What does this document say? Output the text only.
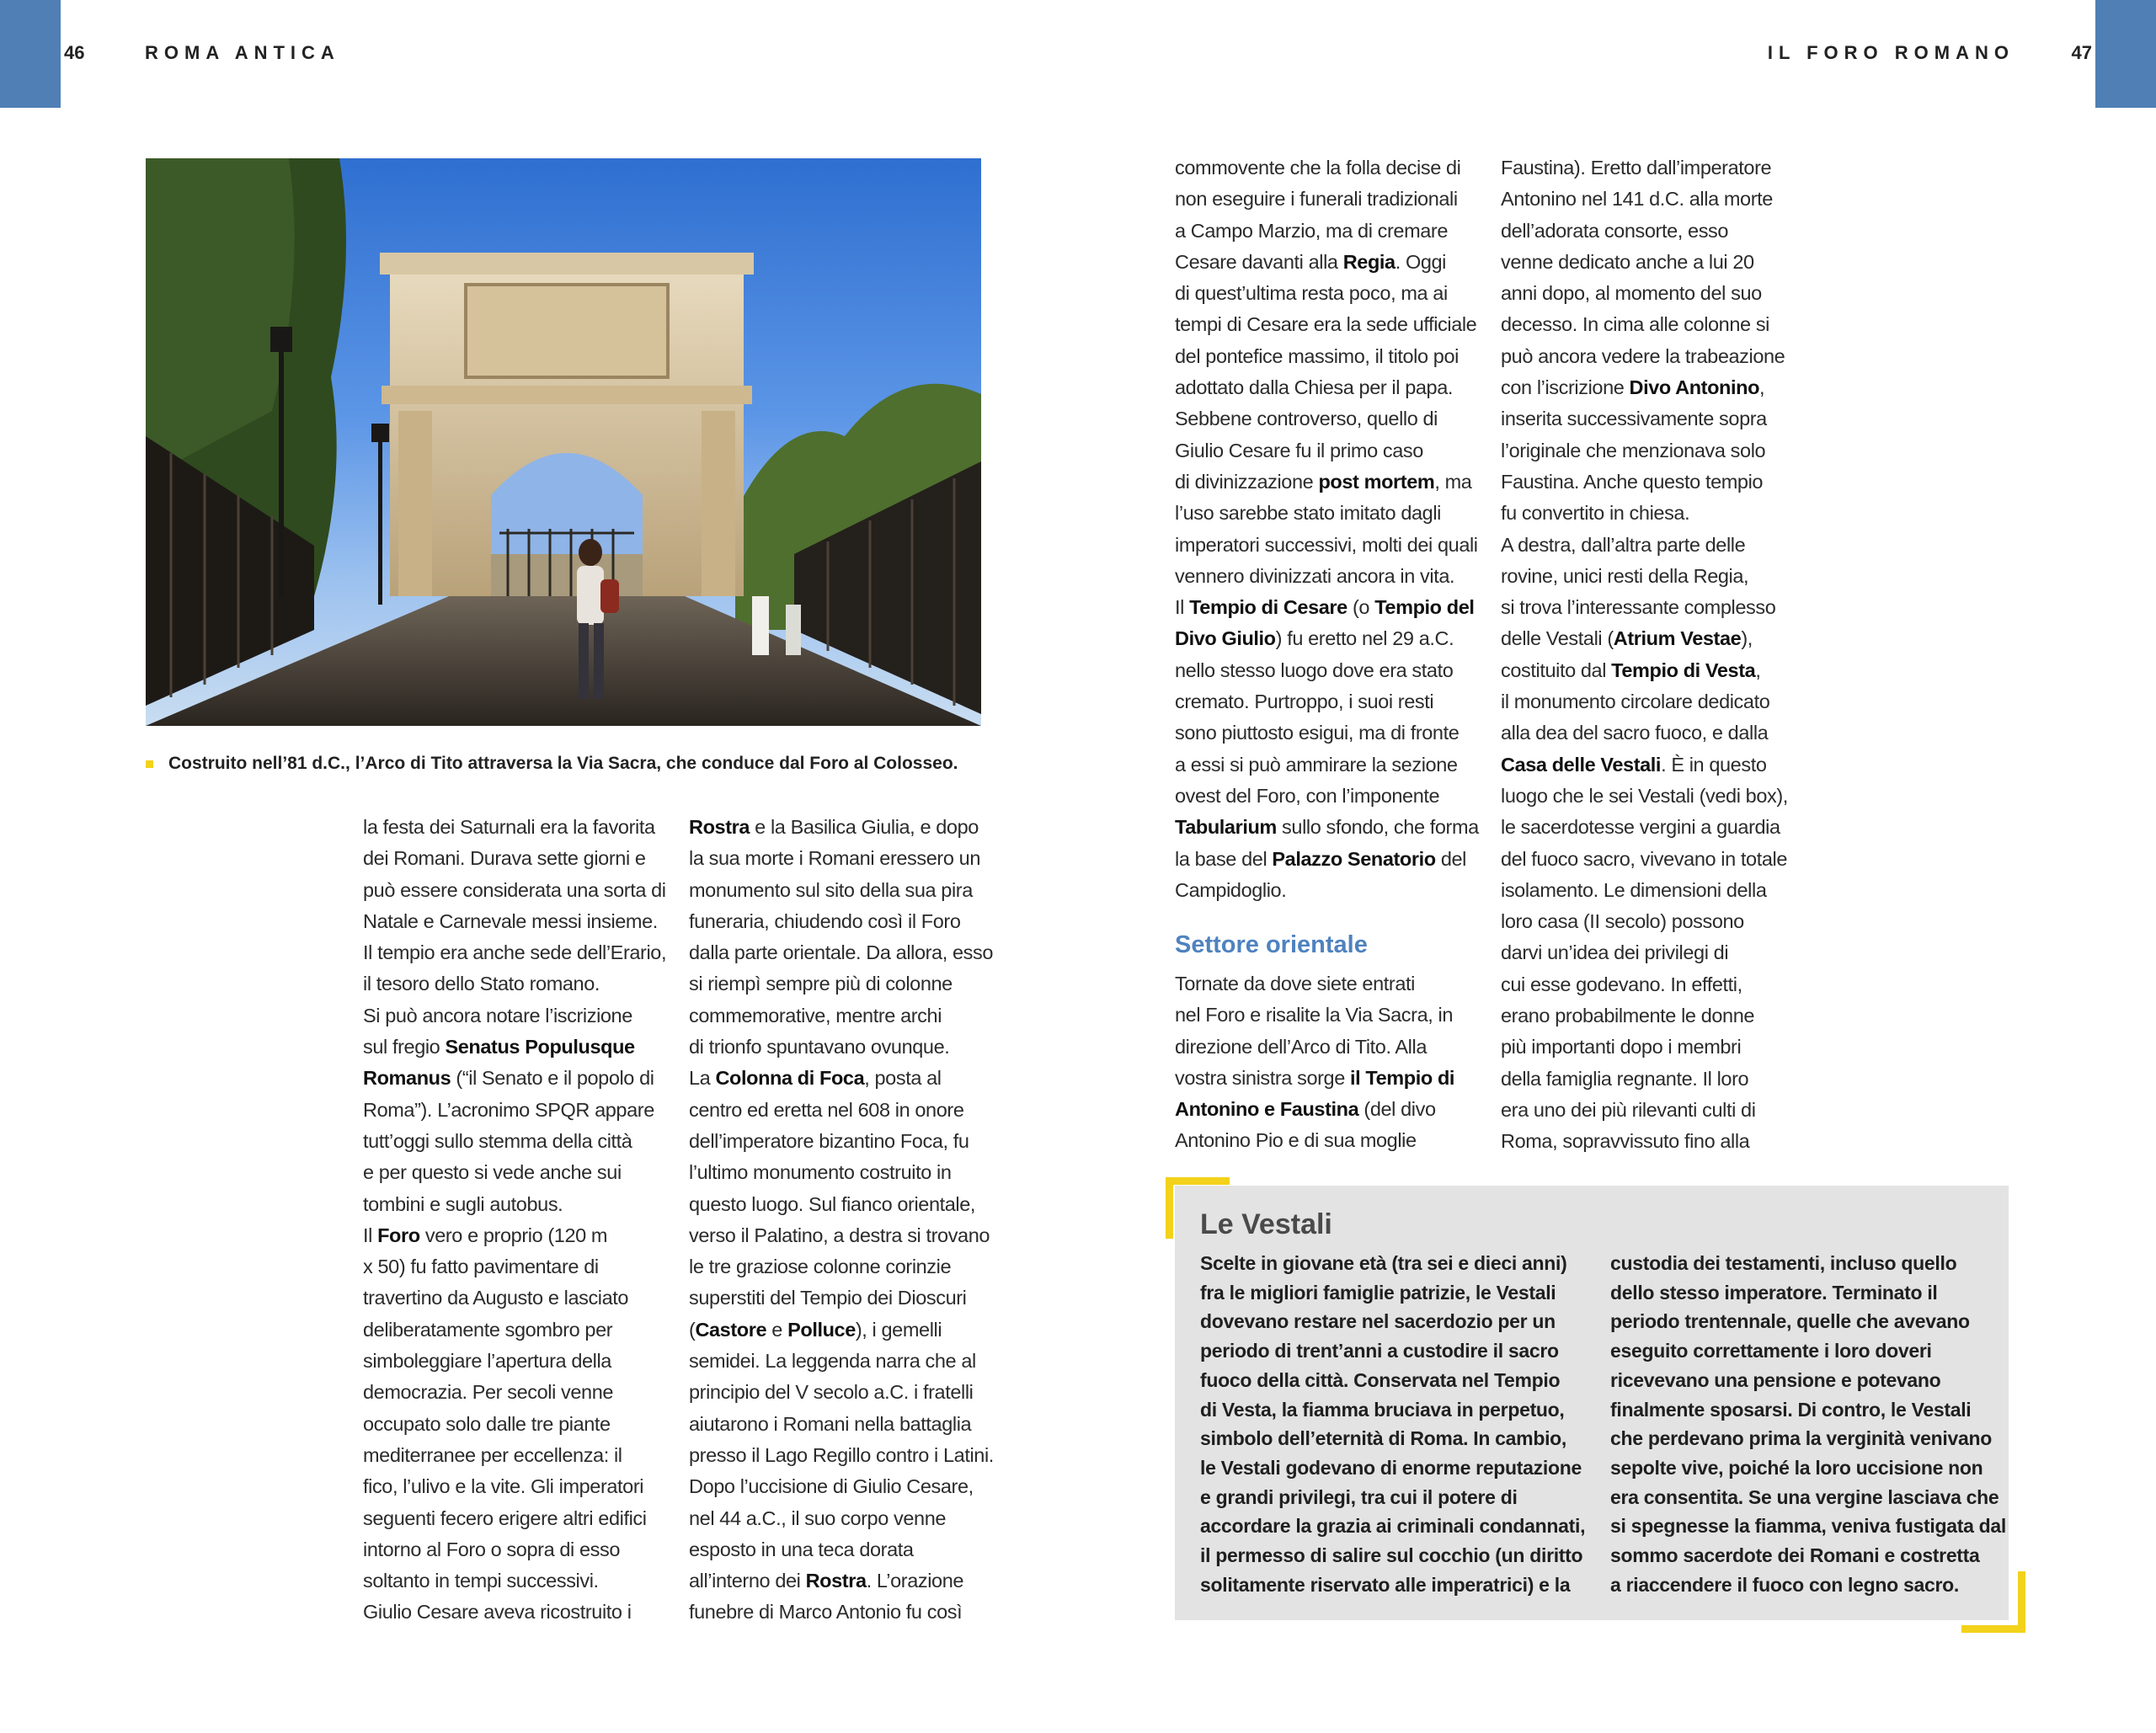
46	ROMA ANTICA	IL FORO ROMANO	47
Costruito nell’81 d.C., l’Arco di Tito attraversa la Via Sacra, che conduce dal Foro al Colosseo.
la festa dei Saturnali era la favorita
dei Romani. Durava sette giorni e
può essere considerata una sorta di
Natale e Carnevale messi insieme.
Il tempio era anche sede dell’Erario,
il tesoro dello Stato romano.
Si può ancora notare l’iscrizione
sul fregio Senatus Populusque
Romanus (“il Senato e il popolo di
Roma”). L’acronimo SPQR appare
tutt’oggi sullo stemma della città
e per questo si vede anche sui
tombini e sugli autobus.
Il Foro vero e proprio (120 m
x 50) fu fatto pavimentare di
travertino da Augusto e lasciato
deliberatamente sgombro per
simboleggiare l’apertura della
democrazia. Per secoli venne
occupato solo dalle tre piante
mediterranee per eccellenza: il
fico, l’ulivo e la vite. Gli imperatori
seguenti fecero erigere altri edifici
intorno al Foro o sopra di esso
soltanto in tempi successivi.
Giulio Cesare aveva ricostruito i
Rostra e la Basilica Giulia, e dopo
la sua morte i Romani eressero un
monumento sul sito della sua pira
funeraria, chiudendo così il Foro
dalla parte orientale. Da allora, esso
si riempì sempre più di colonne
commemorative, mentre archi
di trionfo spuntavano ovunque.
La Colonna di Foca, posta al
centro ed eretta nel 608 in onore
dell’imperatore bizantino Foca, fu
l’ultimo monumento costruito in
questo luogo. Sul fianco orientale,
verso il Palatino, a destra si trovano
le tre graziose colonne corinzie
superstiti del Tempio dei Dioscuri
(Castore e Polluce), i gemelli
semidei. La leggenda narra che al
principio del V secolo a.C. i fratelli
aiutarono i Romani nella battaglia
presso il Lago Regillo contro i Latini.
Dopo l’uccisione di Giulio Cesare,
nel 44 a.C., il suo corpo venne
esposto in una teca dorata
all’interno dei Rostra. L’orazione
funebre di Marco Antonio fu così
commovente che la folla decise di
non eseguire i funerali tradizionali
a Campo Marzio, ma di cremare
Cesare davanti alla Regia. Oggi
di quest’ultima resta poco, ma ai
tempi di Cesare era la sede ufficiale
del pontefice massimo, il titolo poi
adottato dalla Chiesa per il papa.
Sebbene controverso, quello di
Giulio Cesare fu il primo caso
di divinizzazione post mortem, ma
l’uso sarebbe stato imitato dagli
imperatori successivi, molti dei quali
vennero divinizzati ancora in vita.
Il Tempio di Cesare (o Tempio del
Divo Giulio) fu eretto nel 29 a.C.
nello stesso luogo dove era stato
cremato. Purtroppo, i suoi resti
sono piuttosto esigui, ma di fronte
a essi si può ammirare la sezione
ovest del Foro, con l’imponente
Tabularium sullo sfondo, che forma
la base del Palazzo Senatorio del
Campidoglio.
Settore orientale
Tornate da dove siete entrati
nel Foro e risalite la Via Sacra, in
direzione dell’Arco di Tito. Alla
vostra sinistra sorge il Tempio di
Antonino e Faustina (del divo
Antonino Pio e di sua moglie
Faustina). Eretto dall’imperatore
Antonino nel 141 d.C. alla morte
dell’adorata consorte, esso
venne dedicato anche a lui 20
anni dopo, al momento del suo
decesso. In cima alle colonne si
può ancora vedere la trabeazione
con l’iscrizione Divo Antonino,
inserita successivamente sopra
l’originale che menzionava solo
Faustina. Anche questo tempio
fu convertito in chiesa.
A destra, dall’altra parte delle
rovine, unici resti della Regia,
si trova l’interessante complesso
delle Vestali (Atrium Vestae),
costituito dal Tempio di Vesta,
il monumento circolare dedicato
alla dea del sacro fuoco, e dalla
Casa delle Vestali. È in questo
luogo che le sei Vestali (vedi box),
le sacerdotesse vergini a guardia
del fuoco sacro, vivevano in totale
isolamento. Le dimensioni della
loro casa (II secolo) possono
darvi un’idea dei privilegi di
cui esse godevano. In effetti,
erano probabilmente le donne
più importanti dopo i membri
della famiglia regnante. Il loro
era uno dei più rilevanti culti di
Roma, sopravvissuto fino alla
Le Vestali
Scelte in giovane età (tra sei e dieci anni)
fra le migliori famiglie patrizie, le Vestali
dovevano restare nel sacerdozio per un
periodo di trent’anni a custodire il sacro
fuoco della città. Conservata nel Tempio
di Vesta, la fiamma bruciava in perpetuo,
simbolo dell’eternità di Roma. In cambio,
le Vestali godevano di enorme reputazione
e grandi privilegi, tra cui il potere di
accordare la grazia ai criminali condannati,
il permesso di salire sul cocchio (un diritto
solitamente riservato alle imperatrici) e la
custodia dei testamenti, incluso quello
dello stesso imperatore. Terminato il
periodo trentennale, quelle che avevano
eseguito correttamente i loro doveri
ricevevano una pensione e potevano
finalmente sposarsi. Di contro, le Vestali
che perdevano prima la verginità venivano
sepolte vive, poiché la loro uccisione non
era consentita. Se una vergine lasciava che
si spegnesse la fiamma, veniva fustigata dal
sommo sacerdote dei Romani e costretta
a riaccendere il fuoco con legno sacro.
